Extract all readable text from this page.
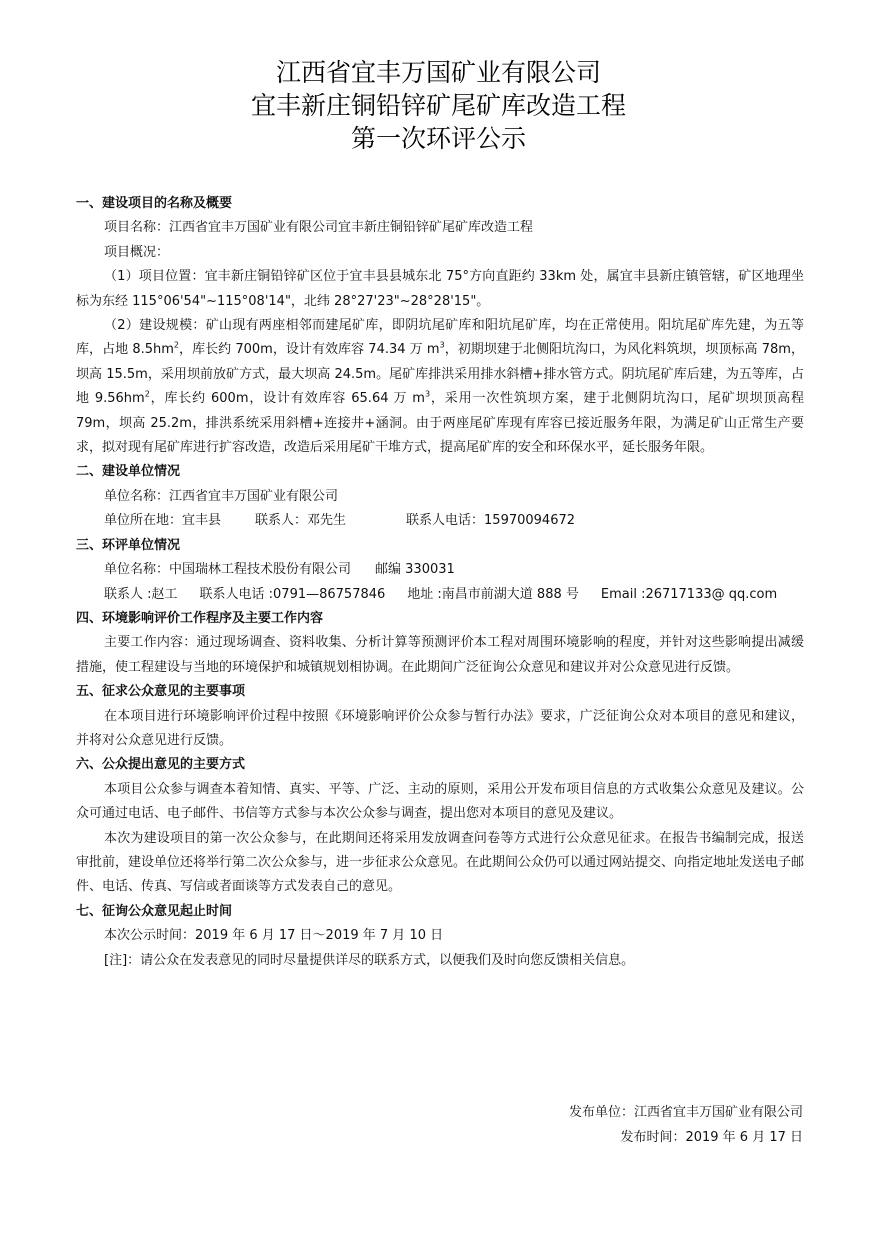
江西省宜丰万国矿业有限公司
宜丰新庄铜铅锌矿尾矿库改造工程
第一次环评公示

一、建设项目的名称及概要

项目名称：江西省宜丰万国矿业有限公司宜丰新庄铜铅锌矿尾矿库改造工程

项目概况：

（1）项目位置：宜丰新庄铜铅锌矿区位于宜丰县县城东北 75°方向直距约 33km 处，属宜丰县新庄镇管辖，矿区地理坐标为东经 115°06'54"~115°08'14"，北纬 28°27'23"~28°28'15"。

（2）建设规模：矿山现有两座相邻而建尾矿库，即阴坑尾矿库和阳坑尾矿库，均在正常使用。阳坑尾矿库先建，为五等库，占地 $8.5hm^2$，库长约 700m，设计有效库容 74.34 万 $m^3$，初期坝建于北侧阳坑沟口，为风化料筑坝，坝顶标高 78m，坝高 15.5m，采用坝前放矿方式，最大坝高 24.5m。尾矿库排洪采用排水斜槽+排水管方式。阴坑尾矿库后建，为五等库，占地 $9.56hm^2$，库长约 600m，设计有效库容 65.64 万 $m^3$，采用一次性筑坝方案，建于北侧阴坑沟口，尾矿坝坝顶高程 79m，坝高 25.2m，排洪系统采用斜槽+连接井+涵洞。由于两座尾矿库现有库容已接近服务年限，为满足矿山正常生产要求，拟对现有尾矿库进行扩容改造，改造后采用尾矿干堆方式，提高尾矿库的安全和环保水平，延长服务年限。

二、建设单位情况

单位名称：江西省宜丰万国矿业有限公司

单位所在地：宜丰县	联系人：邓先生	联系人电话：15970094672

三、环评单位情况

单位名称：中国瑞林工程技术股份有限公司 邮编 330031

联系人 :赵工 联系人电话 :0791—86757846 地址 :南昌市前湖大道 888 号 Email :26717133@ qq.com

四、环境影响评价工作程序及主要工作内容

主要工作内容：通过现场调查、资料收集、分析计算等预测评价本工程对周围环境影响的程度，并针对这些影响提出减缓措施，使工程建设与当地的环境保护和城镇规划相协调。在此期间广泛征询公众意见和建议并对公众意见进行反馈。

五、征求公众意见的主要事项

在本项目进行环境影响评价过程中按照《环境影响评价公众参与暂行办法》要求，广泛征询公众对本项目的意见和建议，并将对公众意见进行反馈。

六、公众提出意见的主要方式

本项目公众参与调查本着知情、真实、平等、广泛、主动的原则，采用公开发布项目信息的方式收集公众意见及建议。公众可通过电话、电子邮件、书信等方式参与本次公众参与调查，提出您对本项目的意见及建议。

本次为建设项目的第一次公众参与，在此期间还将采用发放调查问卷等方式进行公众意见征求。在报告书编制完成，报送审批前，建设单位还将举行第二次公众参与，进一步征求公众意见。在此期间公众仍可以通过网站提交、向指定地址发送电子邮件、电话、传真、写信或者面谈等方式发表自己的意见。

七、征询公众意见起止时间

本次公示时间：2019 年 6 月 17 日～2019 年 7 月 10 日

[注]：请公众在发表意见的同时尽量提供详尽的联系方式，以便我们及时向您反馈相关信息。

发布单位：江西省宜丰万国矿业有限公司
发布时间：2019 年 6 月 17 日
